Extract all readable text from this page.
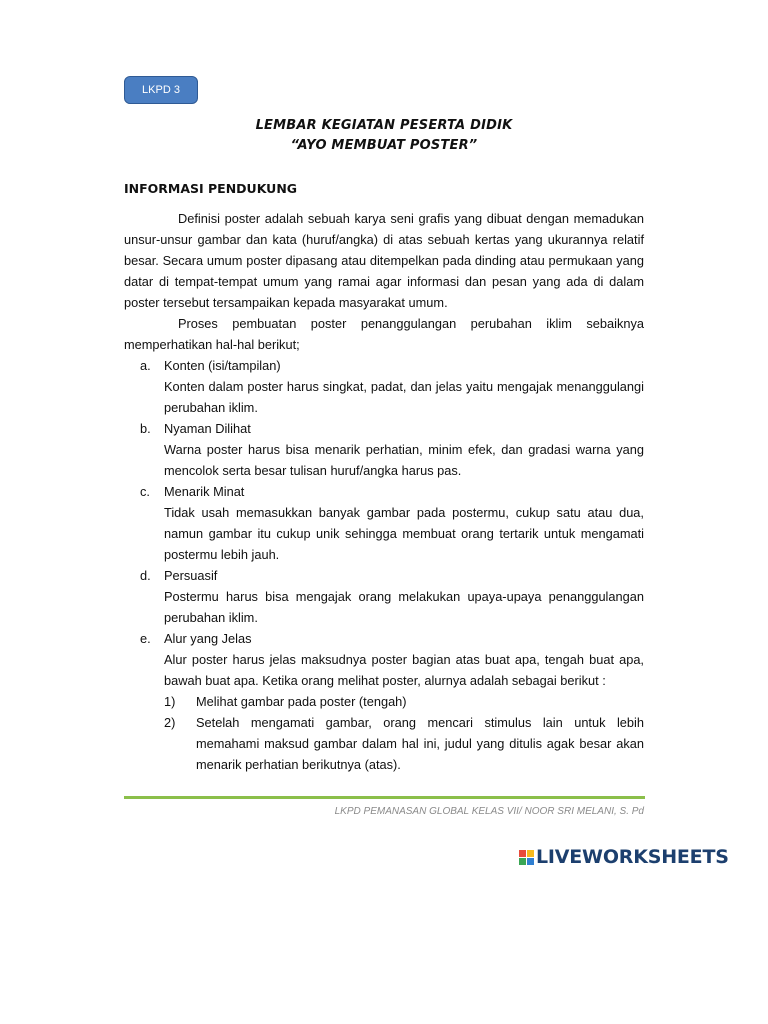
LKPD 3
LEMBAR KEGIATAN PESERTA DIDIK
“AYO MEMBUAT POSTER”
INFORMASI PENDUKUNG

Definisi poster adalah sebuah karya seni grafis yang dibuat dengan memadukan unsur-unsur gambar dan kata (huruf/angka) di atas sebuah kertas yang ukurannya relatif besar. Secara umum poster dipasang atau ditempelkan pada dinding atau permukaan yang datar di tempat-tempat umum yang ramai agar informasi dan pesan yang ada di dalam poster tersebut tersampaikan kepada masyarakat umum.

Proses pembuatan poster penanggulangan perubahan iklim sebaiknya memperhatikan hal-hal berikut;

a. Konten (isi/tampilan)
Konten dalam poster harus singkat, padat, dan jelas yaitu mengajak menanggulangi perubahan iklim.
b. Nyaman Dilihat
Warna poster harus bisa menarik perhatian, minim efek, dan gradasi warna yang mencolok serta besar tulisan huruf/angka harus pas.
c. Menarik Minat
Tidak usah memasukkan banyak gambar pada postermu, cukup satu atau dua, namun gambar itu cukup unik sehingga membuat orang tertarik untuk mengamati postermu lebih jauh.
d. Persuasif
Postermu harus bisa mengajak orang melakukan upaya-upaya penanggulangan perubahan iklim.
e. Alur yang Jelas
Alur poster harus jelas maksudnya poster bagian atas buat apa, tengah buat apa, bawah buat apa. Ketika orang melihat poster, alurnya adalah sebagai berikut :
1) Melihat gambar pada poster (tengah)
2) Setelah mengamati gambar, orang mencari stimulus lain untuk lebih memahami maksud gambar dalam hal ini, judul yang ditulis agak besar akan menarik perhatian berikutnya (atas).
LKPD PEMANASAN GLOBAL KELAS VII/ NOOR SRI MELANI, S. Pd
LIVEWORKSHEETS
